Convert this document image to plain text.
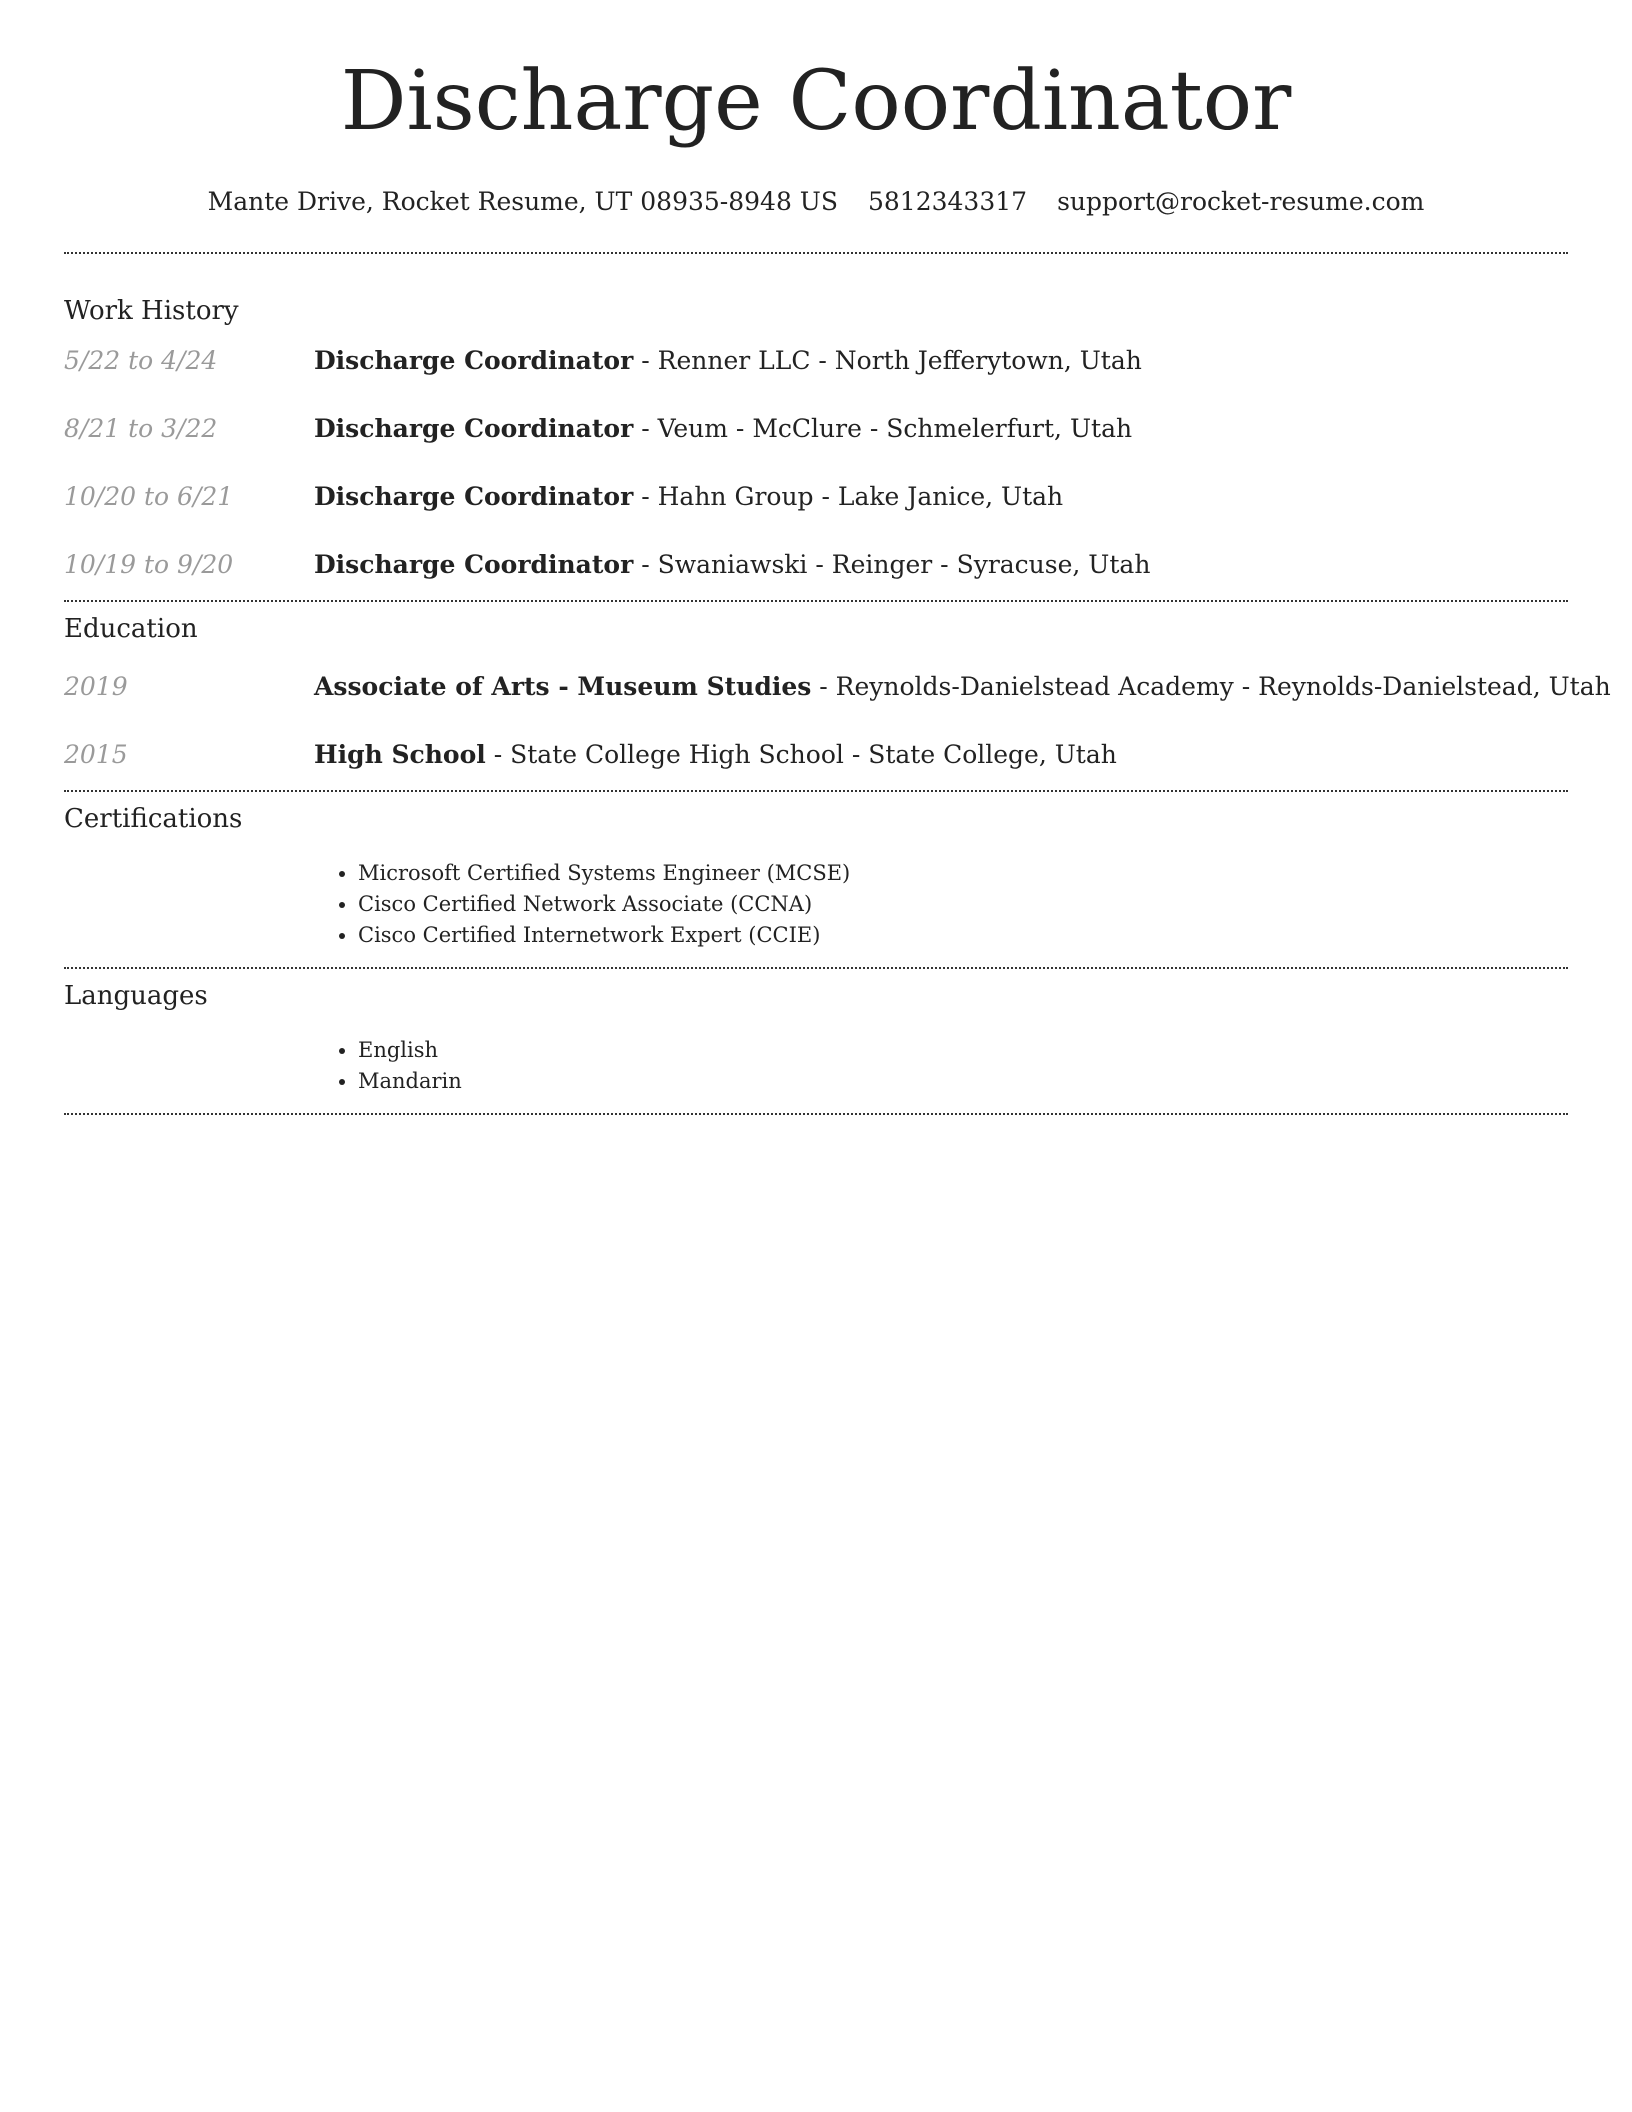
Discharge Coordinator
Mante Drive, Rocket Resume, UT 08935-8948 US 5812343317 support@rocket-resume.com
Work History
5/22 to 4/24	Discharge Coordinator - Renner LLC - North Jefferytown, Utah
8/21 to 3/22	Discharge Coordinator - Veum - McClure - Schmelerfurt, Utah
10/20 to 6/21	Discharge Coordinator - Hahn Group - Lake Janice, Utah
10/19 to 9/20	Discharge Coordinator - Swaniawski - Reinger - Syracuse, Utah
Education
2019	Associate of Arts - Museum Studies - Reynolds-Danielstead Academy - Reynolds-Danielstead, Utah
2015	High School - State College High School - State College, Utah
Certifications
• Microsoft Certified Systems Engineer (MCSE)
• Cisco Certified Network Associate (CCNA)
• Cisco Certified Internetwork Expert (CCIE)
Languages
• English
• Mandarin
